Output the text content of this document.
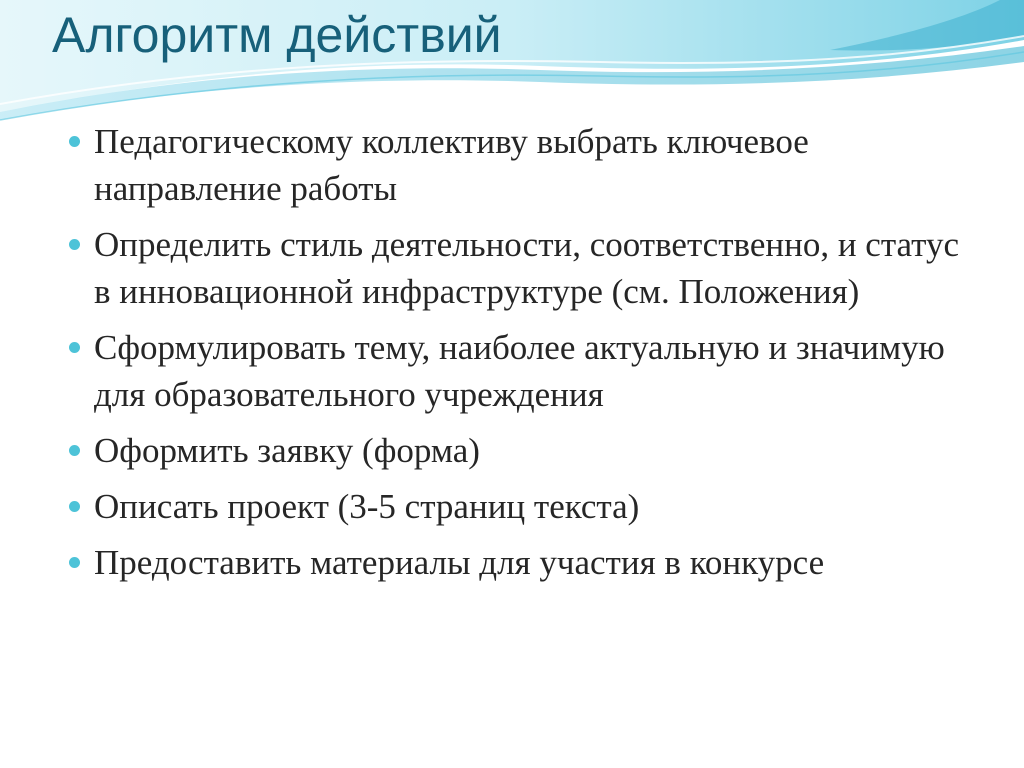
Алгоритм действий
Педагогическому коллективу выбрать ключевое направление работы
Определить стиль деятельности, соответственно, и статус в инновационной инфраструктуре (см. Положения)
Сформулировать тему, наиболее актуальную и значимую для образовательного учреждения
Оформить заявку (форма)
Описать проект (3-5 страниц текста)
Предоставить материалы для участия в конкурсе
